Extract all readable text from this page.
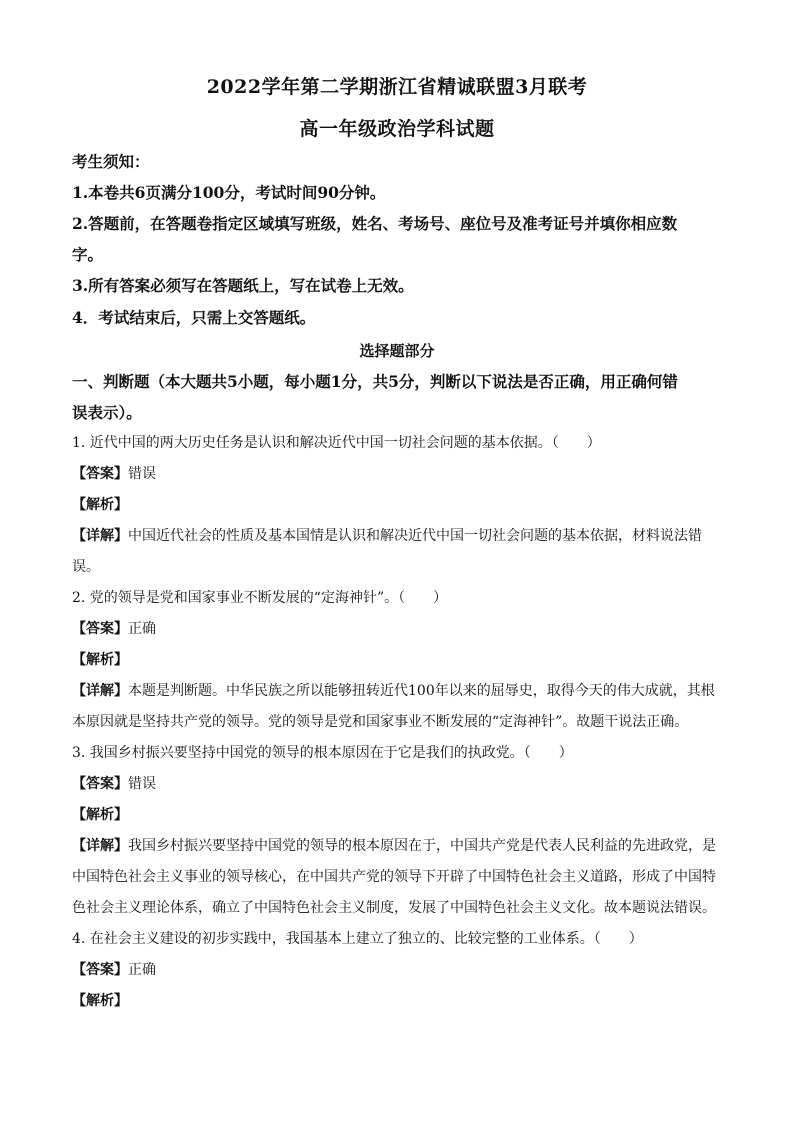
2022学年第二学期浙江省精诚联盟3月联考
高一年级政治学科试题
考生须知：
1.本卷共6页满分100分，考试时间90分钟。
2.答题前，在答题卷指定区域填写班级，姓名、考场号、座位号及准考证号并填你相应数
字。
3.所有答案必须写在答题纸上，写在试卷上无效。
4．考试结束后，只需上交答题纸。
选择题部分
一、判断题（本大题共5小题，每小题1分，共5分，判断以下说法是否正确，用正确何错
误表示）。
1. 近代中国的两大历史任务是认识和解决近代中国一切社会问题的基本依据。（　　）
【答案】错误
【解析】
【详解】中国近代社会的性质及基本国情是认识和解决近代中国一切社会问题的基本依据，材料说法错
误。
2. 党的领导是党和国家事业不断发展的“定海神针”。（　　）
【答案】正确
【解析】
【详解】本题是判断题。中华民族之所以能够扭转近代100年以来的屈辱史，取得今天的伟大成就，其根
本原因就是坚持共产党的领导。党的领导是党和国家事业不断发展的“定海神针”。故题干说法正确。
3. 我国乡村振兴要坚持中国党的领导的根本原因在于它是我们的执政党。（　　）
【答案】错误
【解析】
【详解】我国乡村振兴要坚持中国党的领导的根本原因在于，中国共产党是代表人民利益的先进政党，是
中国特色社会主义事业的领导核心，在中国共产党的领导下开辟了中国特色社会主义道路，形成了中国特
色社会主义理论体系，确立了中国特色社会主义制度，发展了中国特色社会主义文化。故本题说法错误。
4. 在社会主义建设的初步实践中，我国基本上建立了独立的、比较完整的工业体系。（　　）
【答案】正确
【解析】
